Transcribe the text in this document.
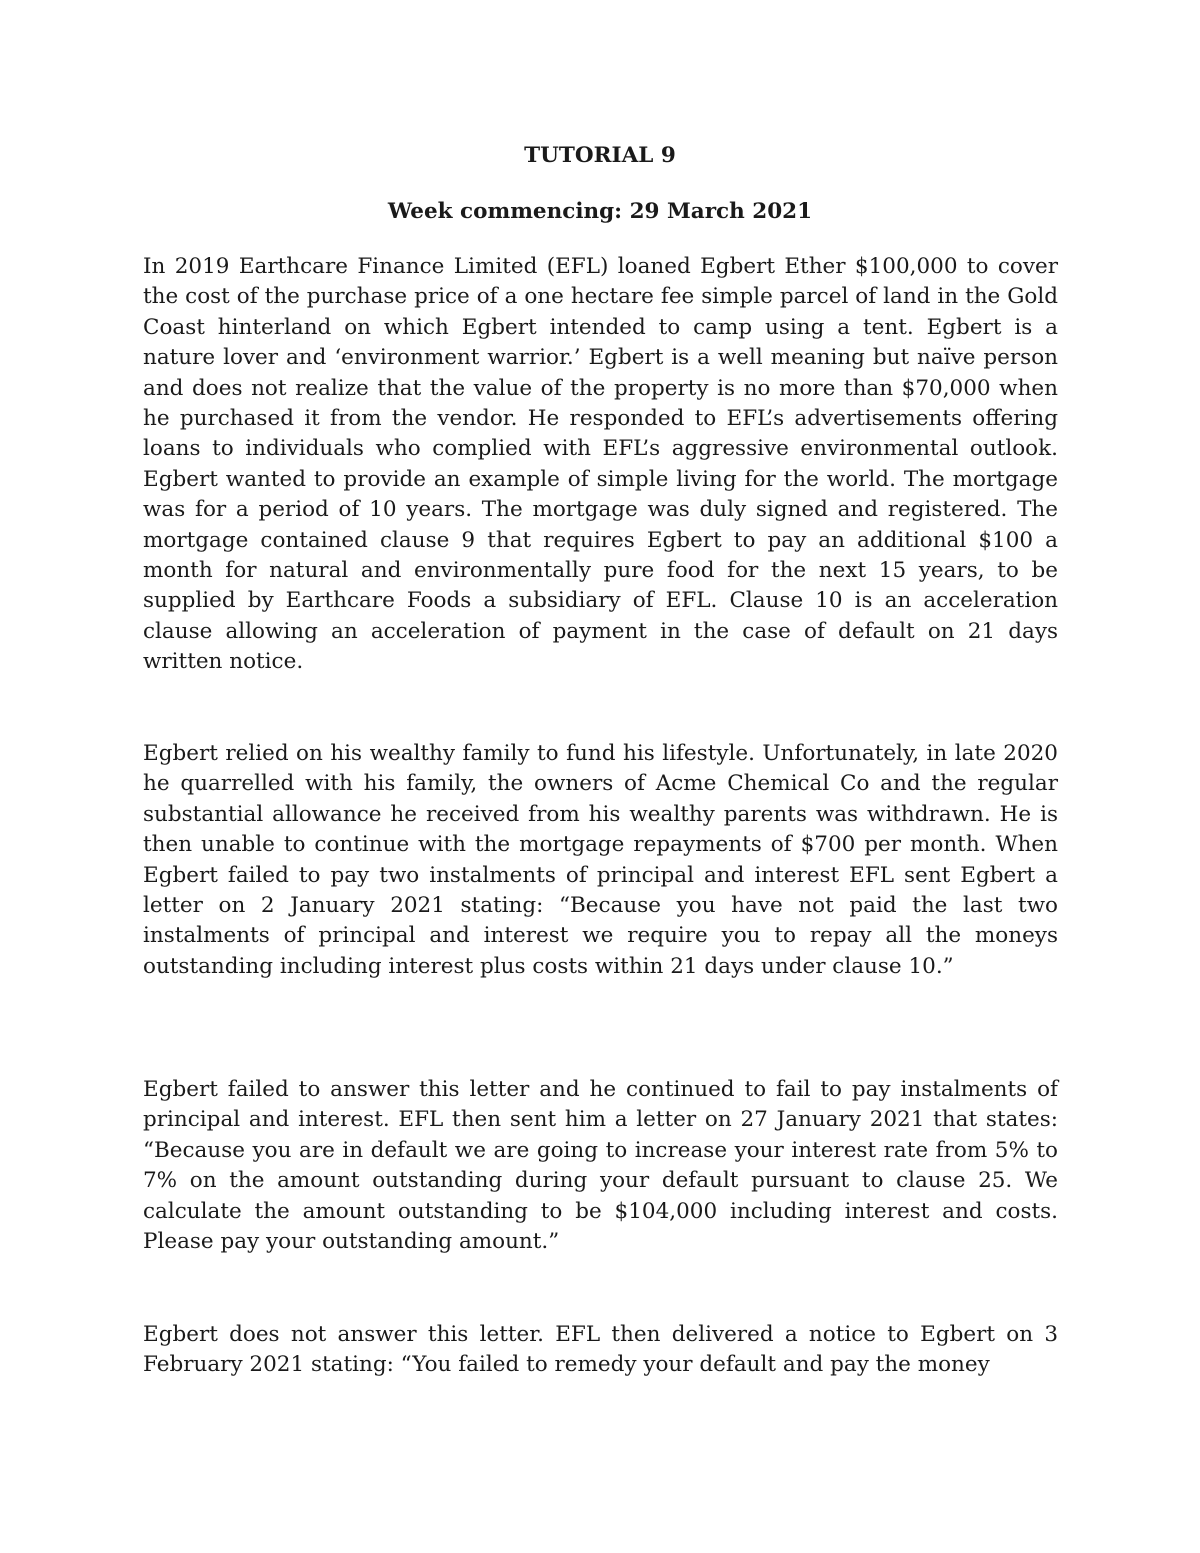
TUTORIAL 9
Week commencing: 29 March 2021

In 2019 Earthcare Finance Limited (EFL) loaned Egbert Ether $100,000 to cover the cost of the purchase price of a one hectare fee simple parcel of land in the Gold Coast hinterland on which Egbert intended to camp using a tent. Egbert is a nature lover and ‘environment warrior.’ Egbert is a well meaning but naïve person and does not realize that the value of the property is no more than $70,000 when he purchased it from the vendor. He responded to EFL’s advertisements offering loans to individuals who complied with EFL’s aggressive environmental outlook. Egbert wanted to provide an example of simple living for the world. The mortgage was for a period of 10 years. The mortgage was duly signed and registered. The mortgage contained clause 9 that requires Egbert to pay an additional $100 a month for natural and environmentally pure food for the next 15 years, to be supplied by Earthcare Foods a subsidiary of EFL. Clause 10 is an acceleration clause allowing an acceleration of payment in the case of default on 21 days written notice.

Egbert relied on his wealthy family to fund his lifestyle. Unfortunately, in late 2020 he quarrelled with his family, the owners of Acme Chemical Co and the regular substantial allowance he received from his wealthy parents was withdrawn. He is then unable to continue with the mortgage repayments of $700 per month. When Egbert failed to pay two instalments of principal and interest EFL sent Egbert a letter on 2 January 2021 stating: “Because you have not paid the last two instalments of principal and interest we require you to repay all the moneys outstanding including interest plus costs within 21 days under clause 10.”

Egbert failed to answer this letter and he continued to fail to pay instalments of principal and interest. EFL then sent him a letter on 27 January 2021 that states: “Because you are in default we are going to increase your interest rate from 5% to 7% on the amount outstanding during your default pursuant to clause 25. We calculate the amount outstanding to be $104,000 including interest and costs. Please pay your outstanding amount.”

Egbert does not answer this letter. EFL then delivered a notice to Egbert on 3 February 2021 stating: “You failed to remedy your default and pay the money
